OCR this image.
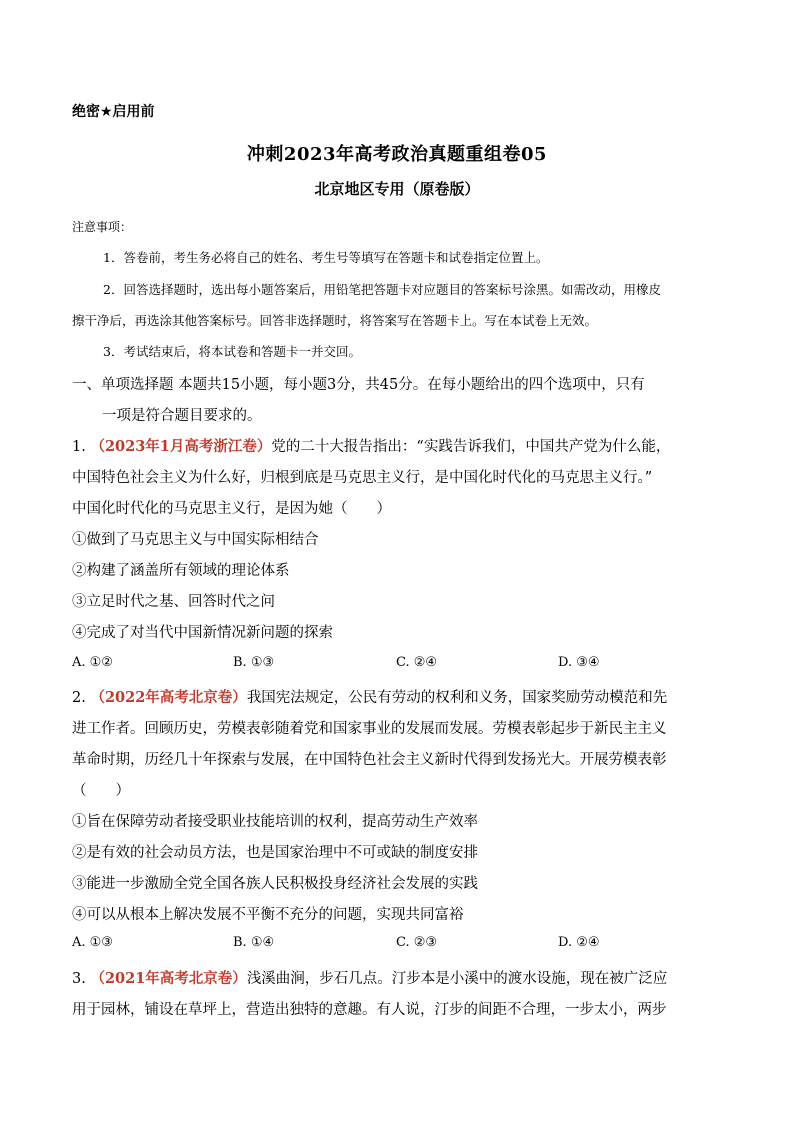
绝密★启用前
冲刺2023年高考政治真题重组卷05
北京地区专用（原卷版）
注意事项：
1．答卷前，考生务必将自己的姓名、考生号等填写在答题卡和试卷指定位置上。
2．回答选择题时，选出每小题答案后，用铅笔把答题卡对应题目的答案标号涂黑。如需改动，用橡皮
擦干净后，再选涂其他答案标号。回答非选择题时，将答案写在答题卡上。写在本试卷上无效。
3．考试结束后，将本试卷和答题卡一并交回。
一、单项选择题 本题共15小题，每小题3分，共45分。在每小题给出的四个选项中，只有
一项是符合题目要求的。
1. （2023年1月高考浙江卷）党的二十大报告指出：“实践告诉我们，中国共产党为什么能，
中国特色社会主义为什么好，归根到底是马克思主义行，是中国化时代化的马克思主义行。”
中国化时代化的马克思主义行，是因为她（　　）
①做到了马克思主义与中国实际相结合
②构建了涵盖所有领域的理论体系
③立足时代之基、回答时代之问
④完成了对当代中国新情况新问题的探索
A. ①②	B. ①③	C. ②④	D. ③④
2. （2022年高考北京卷）我国宪法规定，公民有劳动的权利和义务，国家奖励劳动模范和先
进工作者。回顾历史，劳模表彰随着党和国家事业的发展而发展。劳模表彰起步于新民主主义
革命时期，历经几十年探索与发展，在中国特色社会主义新时代得到发扬光大。开展劳模表彰
（　　）
①旨在保障劳动者接受职业技能培训的权利，提高劳动生产效率
②是有效的社会动员方法，也是国家治理中不可或缺的制度安排
③能进一步激励全党全国各族人民积极投身经济社会发展的实践
④可以从根本上解决发展不平衡不充分的问题，实现共同富裕
A. ①③	B. ①④	C. ②③	D. ②④
3. （2021年高考北京卷）浅溪曲涧，步石几点。汀步本是小溪中的渡水设施，现在被广泛应
用于园林，铺设在草坪上，营造出独特的意趣。有人说，汀步的间距不合理，一步太小，两步
